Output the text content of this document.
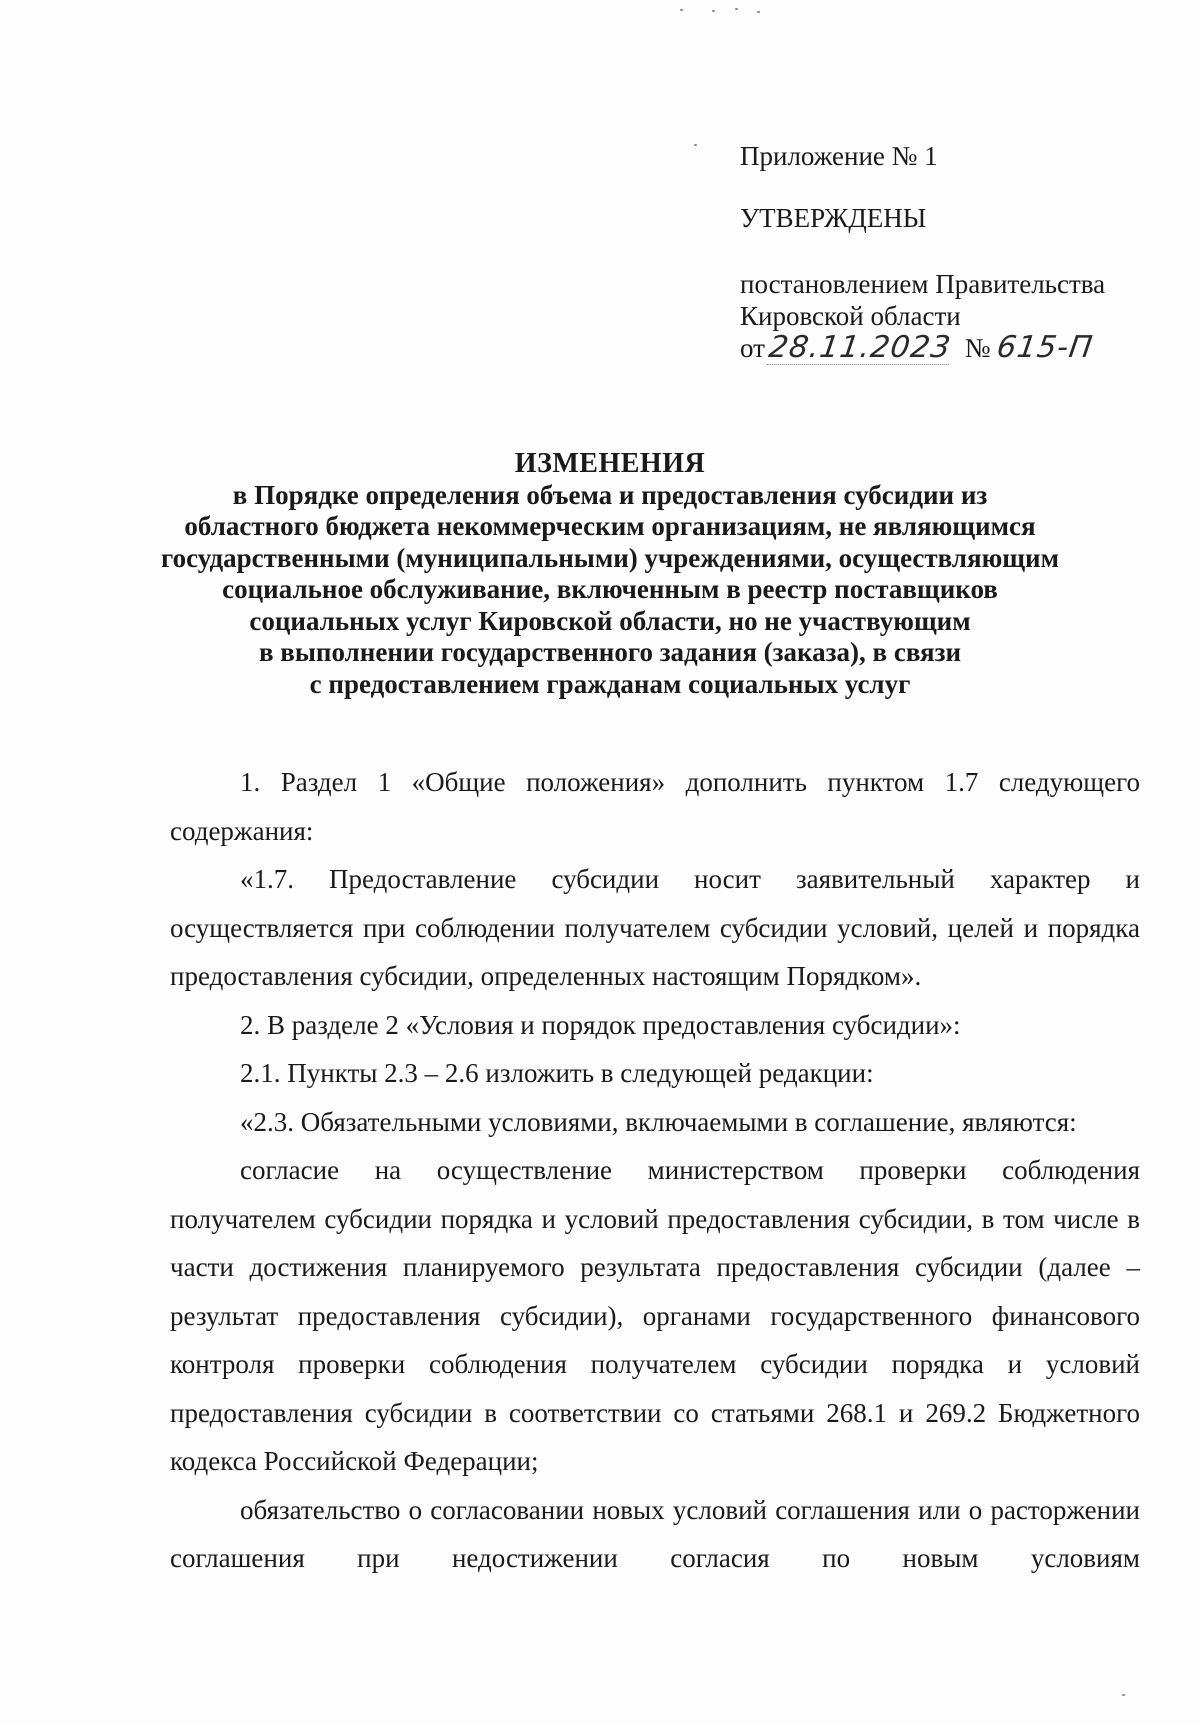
Приложение № 1
УТВЕРЖДЕНЫ
постановлением Правительства
Кировской области
от 28.11.2023 № 615-П
ИЗМЕНЕНИЯ
в Порядке определения объема и предоставления субсидии из
областного бюджета некоммерческим организациям, не являющимся
государственными (муниципальными) учреждениями, осуществляющим
социальное обслуживание, включенным в реестр поставщиков
социальных услуг Кировской области, но не участвующим
в выполнении государственного задания (заказа), в связи
с предоставлением гражданам социальных услуг

1. Раздел 1 «Общие положения» дополнить пунктом 1.7 следующего содержания:

«1.7. Предоставление субсидии носит заявительный характер и осуществляется при соблюдении получателем субсидии условий, целей и порядка предоставления субсидии, определенных настоящим Порядком».

2. В разделе 2 «Условия и порядок предоставления субсидии»:

2.1. Пункты 2.3 – 2.6 изложить в следующей редакции:

«2.3. Обязательными условиями, включаемыми в соглашение, являются:

согласие на осуществление министерством проверки соблюдения получателем субсидии порядка и условий предоставления субсидии, в том числе в части достижения планируемого результата предоставления субсидии (далее – результат предоставления субсидии), органами государственного финансового контроля проверки соблюдения получателем субсидии порядка и условий предоставления субсидии в соответствии со статьями 268.1 и 269.2 Бюджетного кодекса Российской Федерации;

обязательство о согласовании новых условий соглашения или о расторжении соглашения при недостижении согласия по новым условиям
